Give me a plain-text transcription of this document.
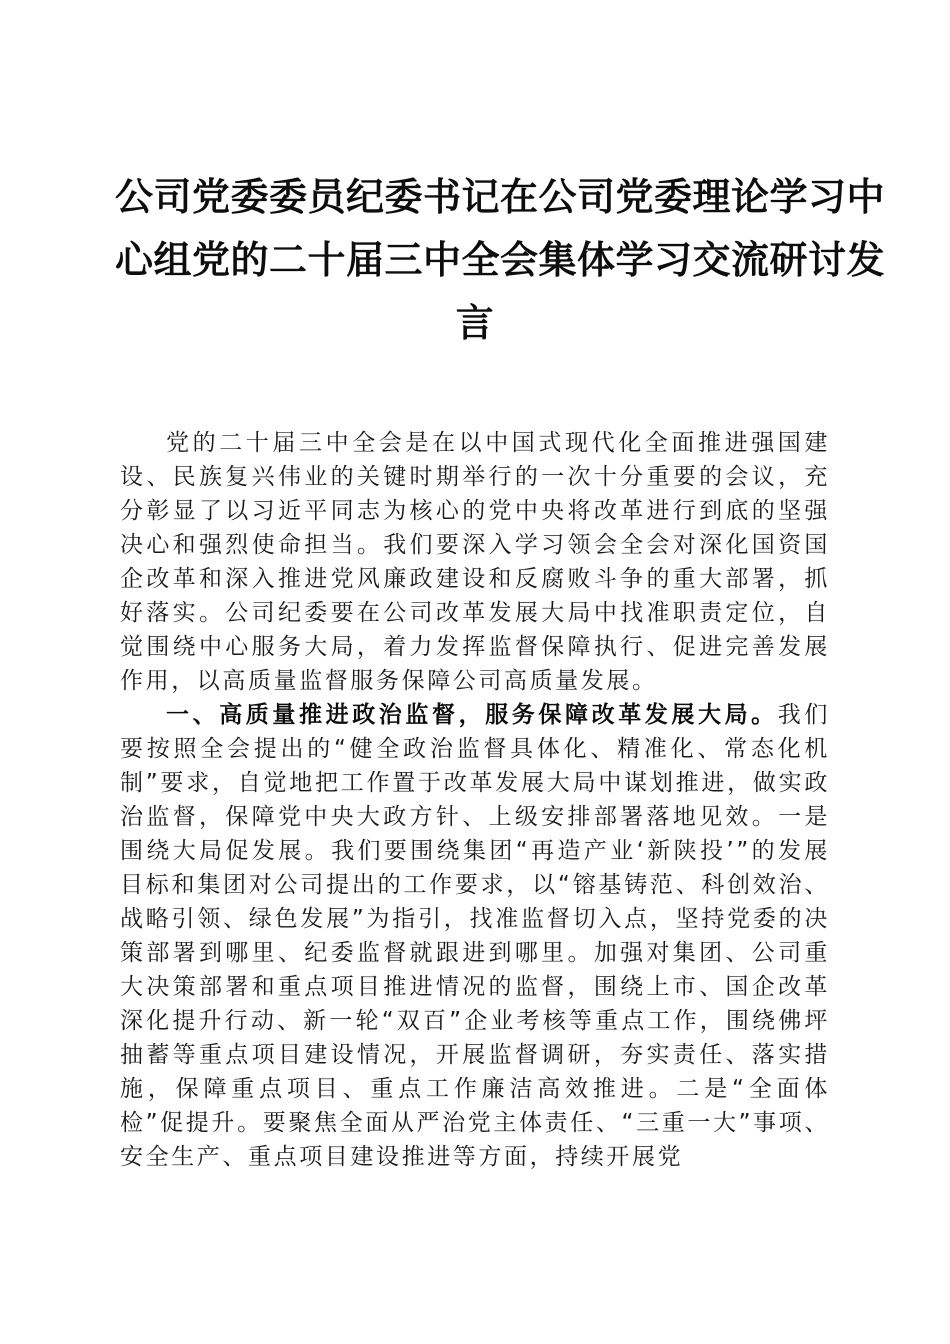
公司党委委员纪委书记在公司党委理论学习中
心组党的二十届三中全会集体学习交流研讨发
言

党的二十届三中全会是在以中国式现代化全面推进强国建设、民族复兴伟业的关键时期举行的一次十分重要的会议，充分彰显了以习近平同志为核心的党中央将改革进行到底的坚强决心和强烈使命担当。我们要深入学习领会全会对深化国资国企改革和深入推进党风廉政建设和反腐败斗争的重大部署，抓好落实。公司纪委要在公司改革发展大局中找准职责定位，自觉围绕中心服务大局，着力发挥监督保障执行、促进完善发展作用，以高质量监督服务保障公司高质量发展。

一、高质量推进政治监督，服务保障改革发展大局。我们要按照全会提出的“健全政治监督具体化、精准化、常态化机制”要求，自觉地把工作置于改革发展大局中谋划推进，做实政治监督，保障党中央大政方针、上级安排部署落地见效。一是围绕大局促发展。我们要围绕集团“再造产业‘新陕投’”的发展目标和集团对公司提出的工作要求，以“镕基铸范、科创效治、战略引领、绿色发展”为指引，找准监督切入点，坚持党委的决策部署到哪里、纪委监督就跟进到哪里。加强对集团、公司重大决策部署和重点项目推进情况的监督，围绕上市、国企改革深化提升行动、新一轮“双百”企业考核等重点工作，围绕佛坪抽蓄等重点项目建设情况，开展监督调研，夯实责任、落实措施，保障重点项目、重点工作廉洁高效推进。二是“全面体检”促提升。要聚焦全面从严治党主体责任、“三重一大”事项、安全生产、重点项目建设推进等方面，持续开展党
